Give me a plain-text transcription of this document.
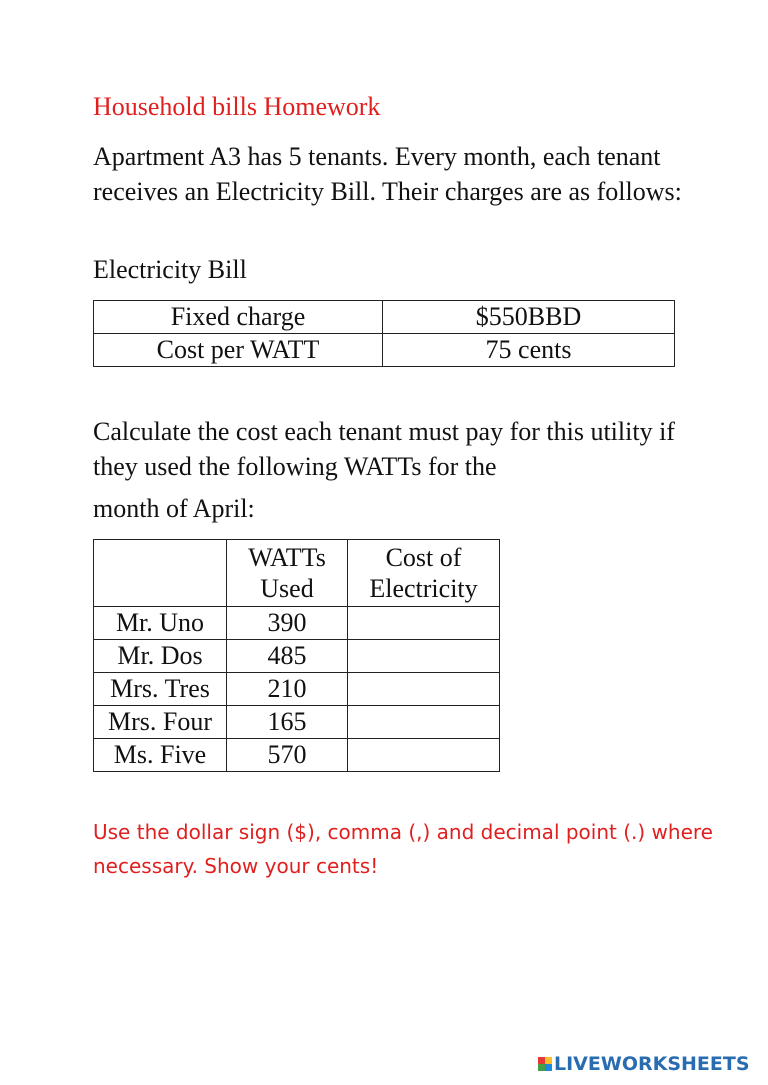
Household bills Homework
Apartment A3 has 5 tenants. Every month, each tenant receives an Electricity Bill. Their charges are as follows:
Electricity Bill
Fixed charge	$550BBD
Cost per WATT	75 cents
Calculate the cost each tenant must pay for this utility if they used the following WATTs for the
month of April:
	WATTs Used	Cost of Electricity
Mr. Uno	390	
Mr. Dos	485	
Mrs. Tres	210	
Mrs. Four	165	
Ms. Five	570	
Use the dollar sign ($), comma (,) and decimal point (.) where necessary. Show your cents!
LIVEWORKSHEETS
